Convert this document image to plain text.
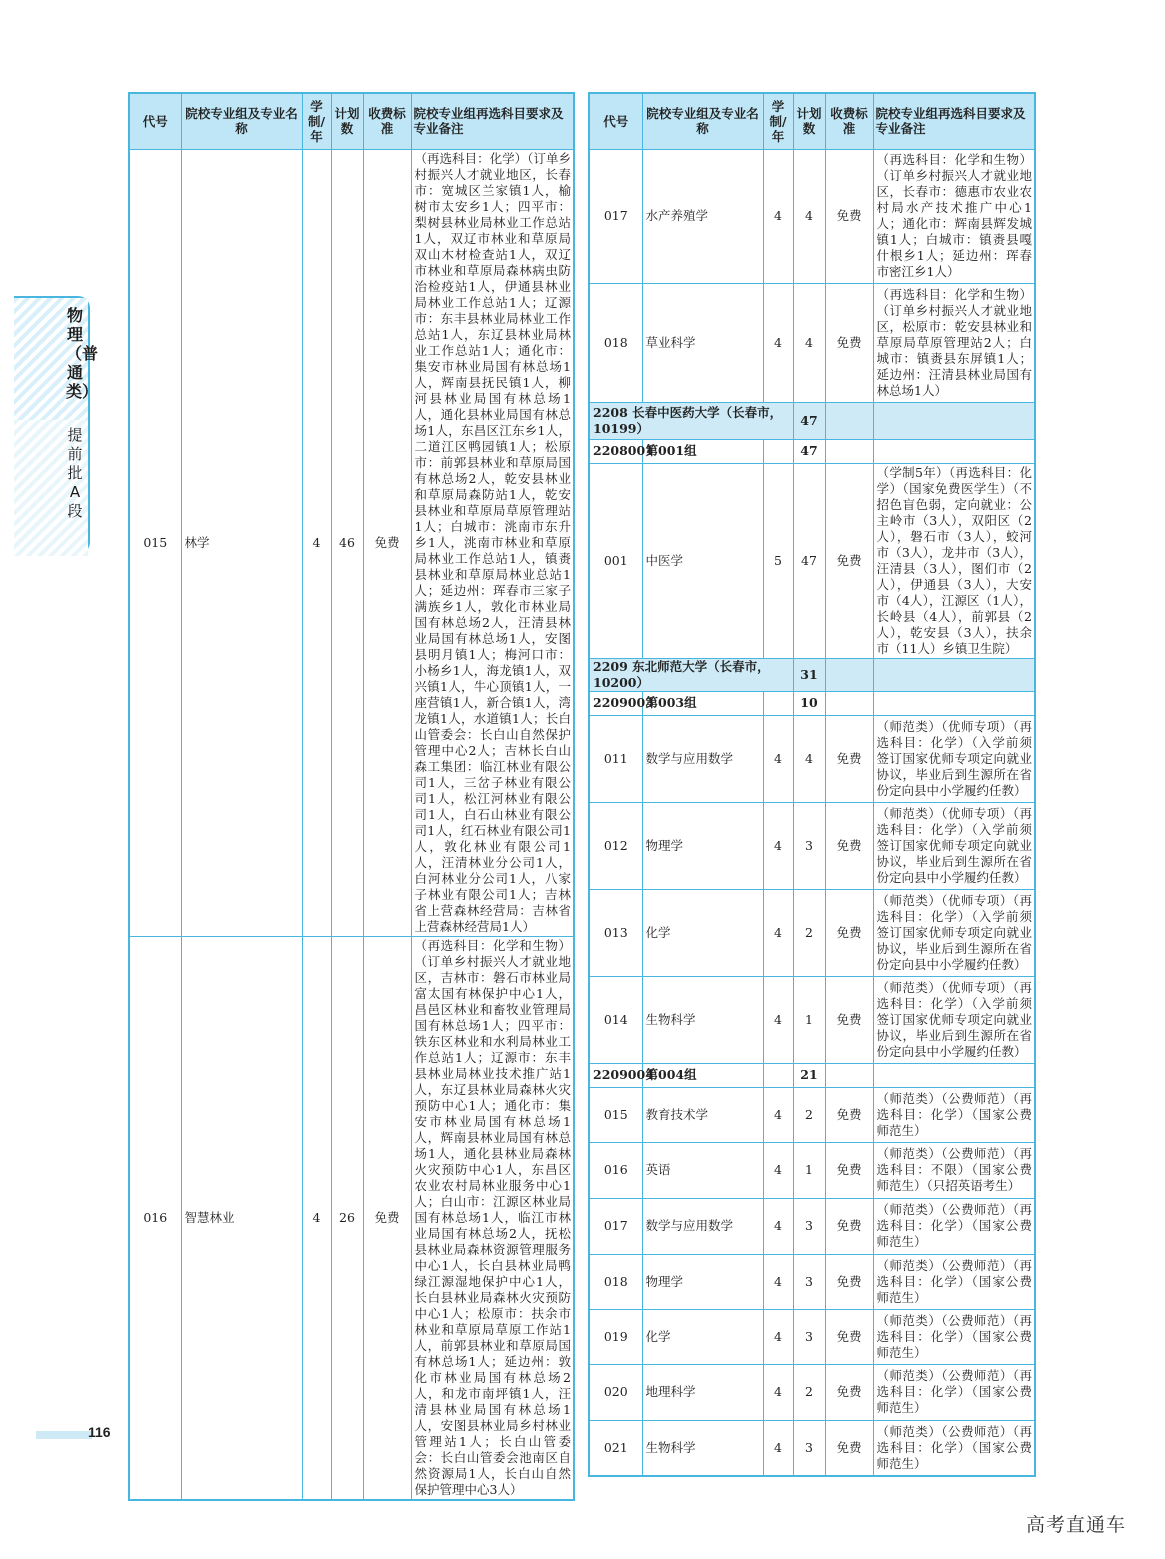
代号	院校专业组及专业名称	学制/年	计划数	收费标准	院校专业组再选科目要求及专业备注
015	林学	4	46	免费	（再选科目：化学）（订单乡村振兴人才就业地区，长春市：宽城区兰家镇1人，榆树市太安乡1人；四平市：梨树县林业局林业工作总站1人，双辽市林业和草原局双山木材检查站1人，双辽市林业和草原局森林病虫防治检疫站1人，伊通县林业局林业工作总站1人；辽源市：东丰县林业局林业工作总站1人，东辽县林业局林业工作总站1人；通化市：集安市林业局国有林总场1人，辉南县抚民镇1人，柳河县林业局国有林总场1人，通化县林业局国有林总场1人，东昌区江东乡1人，二道江区鸭园镇1人；松原市：前郭县林业和草原局国有林总场2人，乾安县林业和草原局森防站1人，乾安县林业和草原局草原管理站1人；白城市：洮南市东升乡1人，洮南市林业和草原局林业工作总站1人，镇赉县林业和草原局林业总站1人；延边州：珲春市三家子满族乡1人，敦化市林业局国有林总场2人，汪清县林业局国有林总场1人，安图县明月镇1人；梅河口市：小杨乡1人，海龙镇1人，双兴镇1人，牛心顶镇1人，一座营镇1人，新合镇1人，湾龙镇1人，水道镇1人；长白山管委会：长白山自然保护管理中心2人；吉林长白山森工集团：临江林业有限公司1人，三岔子林业有限公司1人，松江河林业有限公司1人，白石山林业有限公司1人，红石林业有限公司1人，敦化林业有限公司1人，汪清林业分公司1人，白河林业分公司1人，八家子林业有限公司1人；吉林省上营森林经营局：吉林省上营森林经营局1人）
016	智慧林业	4	26	免费	（再选科目：化学和生物）（订单乡村振兴人才就业地区，吉林市：磐石市林业局富太国有林保护中心1人，昌邑区林业和畜牧业管理局国有林总场1人；四平市：铁东区林业和水利局林业工作总站1人；辽源市：东丰县林业局林业技术推广站1人，东辽县林业局森林火灾预防中心1人；通化市：集安市林业局国有林总场1人，辉南县林业局国有林总场1人，通化县林业局森林火灾预防中心1人，东昌区农业农村局林业服务中心1人；白山市：江源区林业局国有林总场1人，临江市林业局国有林总场2人，抚松县林业局森林资源管理服务中心1人，长白县林业局鸭绿江源湿地保护中心1人，长白县林业局森林火灾预防中心1人；松原市：扶余市林业和草原局草原工作站1人，前郭县林业和草原局国有林总场1人；延边州：敦化市林业局国有林总场2人，和龙市南坪镇1人，汪清县林业局国有林总场1人，安图县林业局乡村林业管理站1人；长白山管委会：长白山管委会池南区自然资源局1人，长白山自然保护管理中心3人）
代号	院校专业组及专业名称	学制/年	计划数	收费标准	院校专业组再选科目要求及专业备注
017	水产养殖学	4	4	免费	（再选科目：化学和生物）（订单乡村振兴人才就业地区，长春市：德惠市农业农村局水产技术推广中心1人；通化市：辉南县辉发城镇1人；白城市：镇赉县嘎什根乡1人；延边州：珲春市密江乡1人）
018	草业科学	4	4	免费	（再选科目：化学和生物）（订单乡村振兴人才就业地区，松原市：乾安县林业和草原局草原管理站2人；白城市：镇赉县东屏镇1人；延边州：汪清县林业局国有林总场1人）
2208 长春中医药大学（长春市，10199）			47		
2208001	第001组		47		
001	中医学	5	47	免费	（学制5年）（再选科目：化学）（国家免费医学生）（不招色盲色弱，定向就业：公主岭市（3人），双阳区（2人），磐石市（3人），蛟河市（3人），龙井市（3人），汪清县（3人），图们市（2人），伊通县（3人），大安市（4人），江源区（1人），长岭县（4人），前郭县（2人），乾安县（3人），扶余市（11人）乡镇卫生院）
2209 东北师范大学（长春市，10200）			31		
2209003	第003组		10		
011	数学与应用数学	4	4	免费	（师范类）（优师专项）（再选科目：化学）（入学前须签订国家优师专项定向就业协议，毕业后到生源所在省份定向县中小学履约任教）
012	物理学	4	3	免费	（师范类）（优师专项）（再选科目：化学）（入学前须签订国家优师专项定向就业协议，毕业后到生源所在省份定向县中小学履约任教）
013	化学	4	2	免费	（师范类）（优师专项）（再选科目：化学）（入学前须签订国家优师专项定向就业协议，毕业后到生源所在省份定向县中小学履约任教）
014	生物科学	4	1	免费	（师范类）（优师专项）（再选科目：化学）（入学前须签订国家优师专项定向就业协议，毕业后到生源所在省份定向县中小学履约任教）
2209004	第004组		21		
015	教育技术学	4	2	免费	（师范类）（公费师范）（再选科目：化学）（国家公费师范生）
016	英语	4	1	免费	（师范类）（公费师范）（再选科目：不限）（国家公费师范生）（只招英语考生）
017	数学与应用数学	4	3	免费	（师范类）（公费师范）（再选科目：化学）（国家公费师范生）
018	物理学	4	3	免费	（师范类）（公费师范）（再选科目：化学）（国家公费师范生）
019	化学	4	3	免费	（师范类）（公费师范）（再选科目：化学）（国家公费师范生）
020	地理科学	4	2	免费	（师范类）（公费师范）（再选科目：化学）（国家公费师范生）
021	生物科学	4	3	免费	（师范类）（公费师范）（再选科目：化学）（国家公费师范生）
物理（普通类）
提前批A段
116
高考直通车
